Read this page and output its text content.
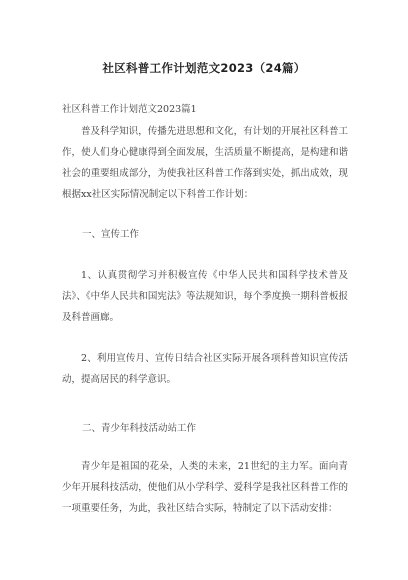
社区科普工作计划范文2023（24篇）
社区科普工作计划范文2023篇1

普及科学知识，传播先进思想和文化，有计划的开展社区科普工作，使人们身心健康得到全面发展，生活质量不断提高，是构建和谐社会的重要组成部分，为使我社区科普工作落到实处，抓出成效，现根据xx社区实际情况制定以下科普工作计划：

一、宣传工作

1、认真贯彻学习并积极宣传《中华人民共和国科学技术普及法》、《中华人民共和国宪法》等法规知识，每个季度换一期科普板报及科普画廊。

2、利用宣传月、宣传日结合社区实际开展各项科普知识宣传活动，提高居民的科学意识。

二、青少年科技活动站工作

青少年是祖国的花朵，人类的未来，21世纪的主力军。面向青少年开展科技活动，使他们从小学科学、爱科学是我社区科普工作的一项重要任务，为此，我社区结合实际，特制定了以下活动安排：
